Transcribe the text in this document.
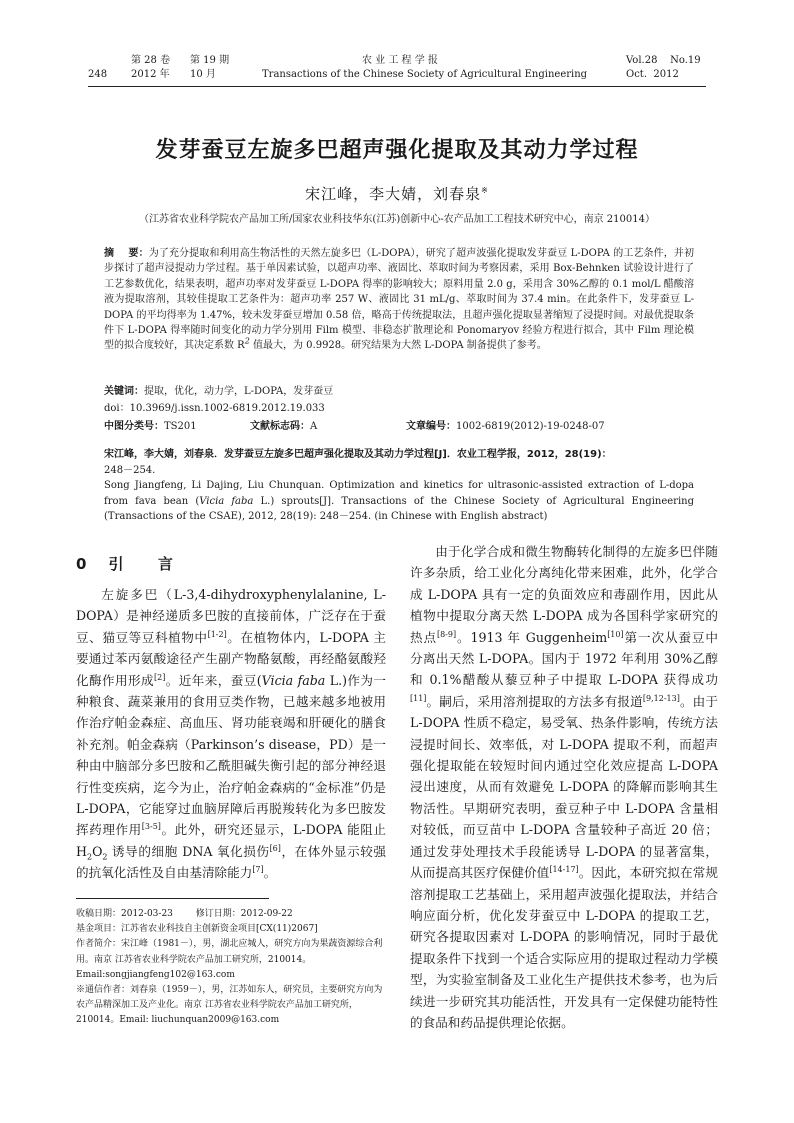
248
第 28 卷 第 19 期
2012 年 10 月
农 业 工 程 学 报
Transactions of the Chinese Society of Agricultural Engineering
Vol.28    No.19
Oct.  2012
发芽蚕豆左旋多巴超声强化提取及其动力学过程
宋江峰，李大婧，刘春泉※
（江苏省农业科学院农产品加工所/国家农业科技华东(江苏)创新中心-农产品加工工程技术研究中心，南京 210014）
摘    要：为了充分提取和利用高生物活性的天然左旋多巴（L-DOPA），研究了超声波强化提取发芽蚕豆 L-DOPA 的工艺条件，并初步探讨了超声浸提动力学过程。基于单因素试验，以超声功率、液固比、萃取时间为考察因素，采用 Box-Behnken 试验设计进行了工艺参数优化，结果表明，超声功率对发芽蚕豆 L-DOPA 得率的影响较大；原料用量 2.0 g，采用含 30%乙醇的 0.1 mol/L 醋酸溶液为提取溶剂，其较佳提取工艺条件为：超声功率 257 W、液固比 31 mL/g、萃取时间为 37.4 min。在此条件下，发芽蚕豆 L-DOPA 的平均得率为 1.47%，较未发芽蚕豆增加 0.58 倍，略高于传统提取法，且超声强化提取显著缩短了浸提时间。对最优提取条件下 L-DOPA 得率随时间变化的动力学分别用 Film 模型、非稳态扩散理论和 Ponomaryov 经验方程进行拟合，其中 Film 理论模型的拟合度较好，其决定系数 $R^2$ 值最大，为 0.9928。研究结果为大然 L-DOPA 制备提供了参考。
关键词：提取，优化，动力学，L-DOPA，发芽蚕豆
doi：10.3969/j.issn.1002-6819.2012.19.033
中图分类号：TS201	文献标志码：A	文章编号：1002-6819(2012)-19-0248-07
宋江峰，李大婧，刘春泉．发芽蚕豆左旋多巴超声强化提取及其动力学过程[J]．农业工程学报，2012，28(19)：
248－254.
Song Jiangfeng, Li Dajing, Liu Chunquan. Optimization and kinetics for ultrasonic-assisted extraction of L-dopa from fava bean (Vicia faba L.) sprouts[J]. Transactions of the Chinese Society of Agricultural Engineering (Transactions of the CSAE), 2012, 28(19): 248－254. (in Chinese with English abstract)
0 引  言

左旋多巴（L-3,4-dihydroxyphenylalanine, L-DOPA）是神经递质多巴胺的直接前体，广泛存在于蚕豆、猫豆等豆科植物中[1-2]。在植物体内，L-DOPA 主要通过苯丙氨酸途径产生副产物酪氨酸，再经酪氨酸羟化酶作用形成[2]。近年来，蚕豆(Vicia faba L.)作为一种粮食、蔬菜兼用的食用豆类作物，已越来越多地被用作治疗帕金森症、高血压、肾功能衰竭和肝硬化的膳食补充剂。帕金森病（Parkinson’s disease，PD）是一种由中脑部分多巴胺和乙酰胆碱失衡引起的部分神经退行性变疾病，迄今为止，治疗帕金森病的“金标准”仍是 L-DOPA，它能穿过血脑屏障后再脱羧转化为多巴胺发挥药理作用[3-5]。此外，研究还显示，L-DOPA 能阻止 $H_2O_2$ 诱导的细胞 DNA 氧化损伤[6]，在体外显示较强的抗氧化活性及自由基清除能力[7]。

由于化学合成和微生物酶转化制得的左旋多巴伴随许多杂质，给工业化分离纯化带来困难，此外，化学合成 L-DOPA 具有一定的负面效应和毒副作用，因此从植物中提取分离天然 L-DOPA 成为各国科学家研究的热点[8-9]。1913 年 Guggenheim[10]第一次从蚕豆中分离出天然 L-DOPA。国内于 1972 年利用 30%乙醇和 0.1%醋酸从藜豆种子中提取 L-DOPA 获得成功[11]。嗣后，采用溶剂提取的方法多有报道[9,12-13]。由于 L-DOPA 性质不稳定，易受氧、热条件影响，传统方法浸提时间长、效率低，对 L-DOPA 提取不利，而超声强化提取能在较短时间内通过空化效应提高 L-DOPA 浸出速度，从而有效避免 L-DOPA 的降解而影响其生物活性。早期研究表明，蚕豆种子中 L-DOPA 含量相对较低，而豆苗中 L-DOPA 含量较种子高近 20 倍；通过发芽处理技术手段能诱导 L-DOPA 的显著富集，从而提高其医疗保健价值[14-17]。因此，本研究拟在常规溶剂提取工艺基础上，采用超声波强化提取法，并结合响应面分析，优化发芽蚕豆中 L-DOPA 的提取工艺，研究各提取因素对 L-DOPA 的影响情况，同时于最优提取条件下找到一个适合实际应用的提取过程动力学模型，为实验室制备及工业化生产提供技术参考，也为后续进一步研究其功能活性，开发具有一定保健功能特性的食品和药品提供理论依据。

收稿日期：2012-03-23        修订日期：2012-09-22
基金项目：江苏省农业科技自主创新资金项目[CX(11)2067]
作者简介：宋江峰（1981－），男，湖北应城人，研究方向为果蔬资源综合利用。南京 江苏省农业科学院农产品加工研究所，210014。
Email:songjiangfeng102@163.com
※通信作者：刘春泉（1959－），男，江苏如东人，研究员，主要研究方向为农产品精深加工及产业化。南京 江苏省农业科学院农产品加工研究所，210014。Email: liuchunquan2009@163.com
